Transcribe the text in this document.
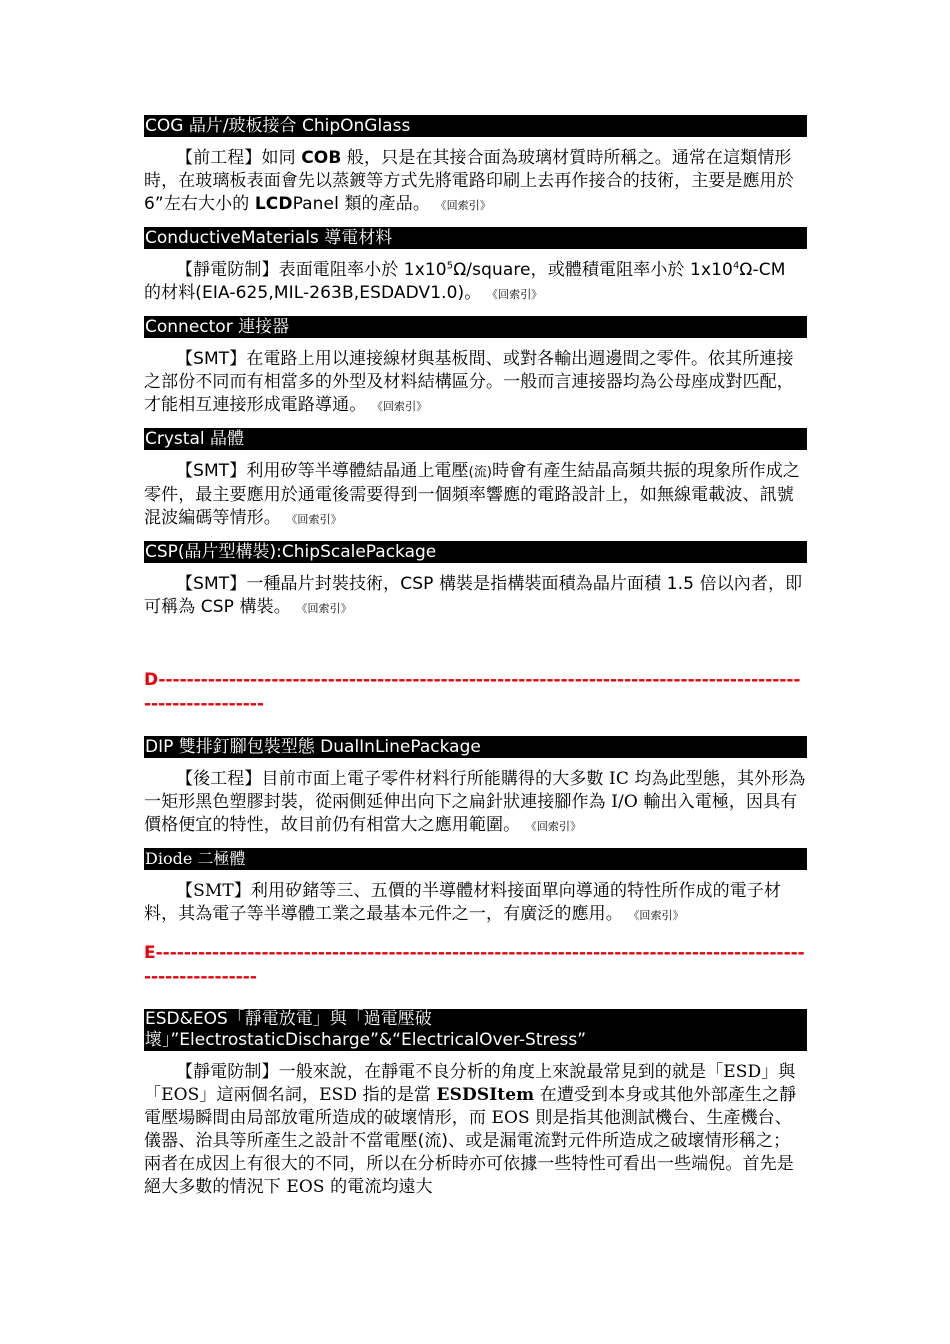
COG 晶片/玻板接合 ChipOnGlass

【前工程】如同 COB 般，只是在其接合面為玻璃材質時所稱之。通常在這類情形時，在玻璃板表面會先以蒸鍍等方式先將電路印刷上去再作接合的技術，主要是應用於 6”左右大小的 LCDPanel 類的產品。 《回索引》

ConductiveMaterials 導電材料

【靜電防制】表面電阻率小於 $1x10^5\Omega$/square，或體積電阻率小於 $1x10^4\Omega-CM$ 的材料(EIA-625,MIL-263B,ESDADV1.0)。 《回索引》

Connector 連接器

【SMT】在電路上用以連接線材與基板間、或對各輸出週邊間之零件。依其所連接之部份不同而有相當多的外型及材料結構區分。一般而言連接器均為公母座成對匹配，才能相互連接形成電路導通。 《回索引》

Crystal 晶體

【SMT】利用矽等半導體結晶通上電壓(流)時會有產生結晶高頻共振的現象所作成之零件，最主要應用於通電後需要得到一個頻率響應的電路設計上，如無線電載波、訊號混波編碼等情形。 《回索引》

CSP(晶片型構裝):ChipScalePackage

【SMT】一種晶片封裝技術，CSP 構裝是指構裝面積為晶片面積 1.5 倍以內者，即可稱為 CSP 構裝。 《回索引》

D------------------------------------------------------------------------------------------------------------

DIP 雙排釘腳包裝型態 DualInLinePackage

【後工程】目前市面上電子零件材料行所能購得的大多數 IC 均為此型態，其外形為一矩形黑色塑膠封裝，從兩側延伸出向下之扁針狀連接腳作為 I/O 輸出入電極，因具有價格便宜的特性，故目前仍有相當大之應用範圍。 《回索引》

Diode 二極體

【SMT】利用矽鍺等三、五價的半導體材料接面單向導通的特性所作成的電子材料，其為電子等半導體工業之最基本元件之一，有廣泛的應用。 《回索引》

E------------------------------------------------------------------------------------------------------------

ESD&EOS「靜電放電」與「過電壓破壞」”ElectrostaticDischarge”&“ElectricalOver-Stress”

【靜電防制】一般來說，在靜電不良分析的角度上來說最常見到的就是「ESD」與「EOS」這兩個名詞，ESD 指的是當 ESDSItem 在遭受到本身或其他外部產生之靜電壓場瞬間由局部放電所造成的破壞情形，而 EOS 則是指其他測試機台、生產機台、儀器、治具等所產生之設計不當電壓(流)、或是漏電流對元件所造成之破壞情形稱之；兩者在成因上有很大的不同，所以在分析時亦可依據一些特性可看出一些端倪。首先是絕大多數的情況下 EOS 的電流均遠大
